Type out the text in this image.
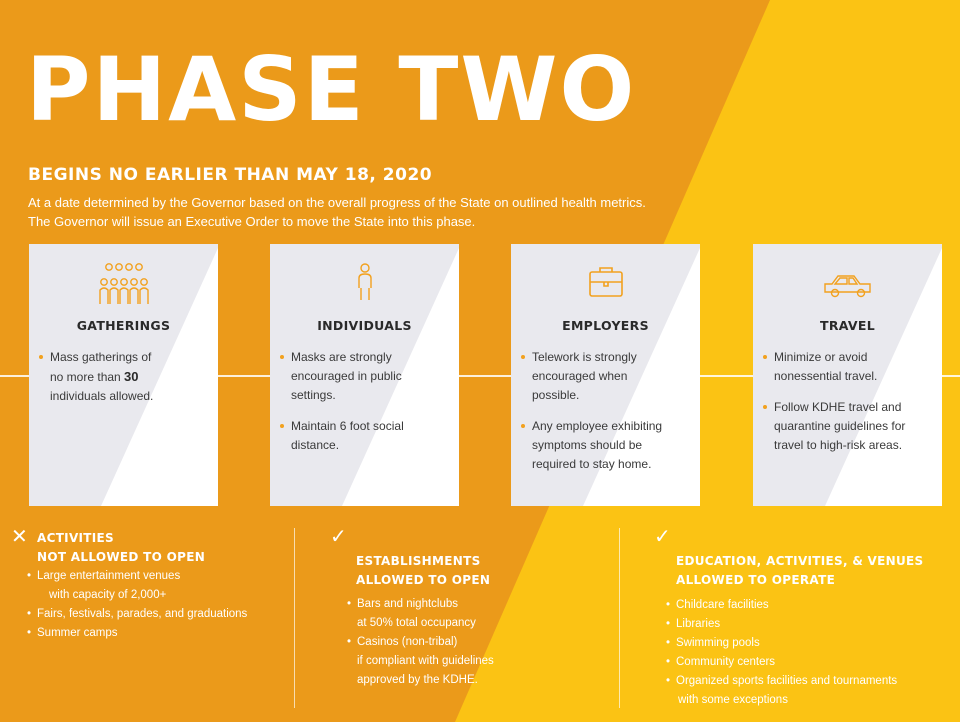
PHASE TWO
BEGINS NO EARLIER THAN MAY 18, 2020

At a date determined by the Governor based on the overall progress of the State on outlined health metrics.
The Governor will issue an Executive Order to move the State into this phase.

GATHERINGS
Mass gatherings of
no more than 30
individuals allowed.
INDIVIDUALS
Masks are strongly encouraged in public settings.
Maintain 6 foot social distance.
EMPLOYERS
Telework is strongly encouraged when possible.
Any employee exhibiting symptoms should be required to stay home.
TRAVEL
Minimize or avoid nonessential travel.
Follow KDHE travel and quarantine guidelines for travel to high-risk areas.
✕ ACTIVITIES
NOT ALLOWED TO OPEN
• Large entertainment venues
with capacity of 2,000+
• Fairs, festivals, parades, and graduations
• Summer camps
✓
ESTABLISHMENTS
ALLOWED TO OPEN
• Bars and nightclubs
at 50% total occupancy
• Casinos (non-tribal)
if compliant with guidelines
approved by the KDHE.
✓
EDUCATION, ACTIVITIES, & VENUES
ALLOWED TO OPERATE
• Childcare facilities
• Libraries
• Swimming pools
• Community centers
• Organized sports facilities and tournaments
with some exceptions
